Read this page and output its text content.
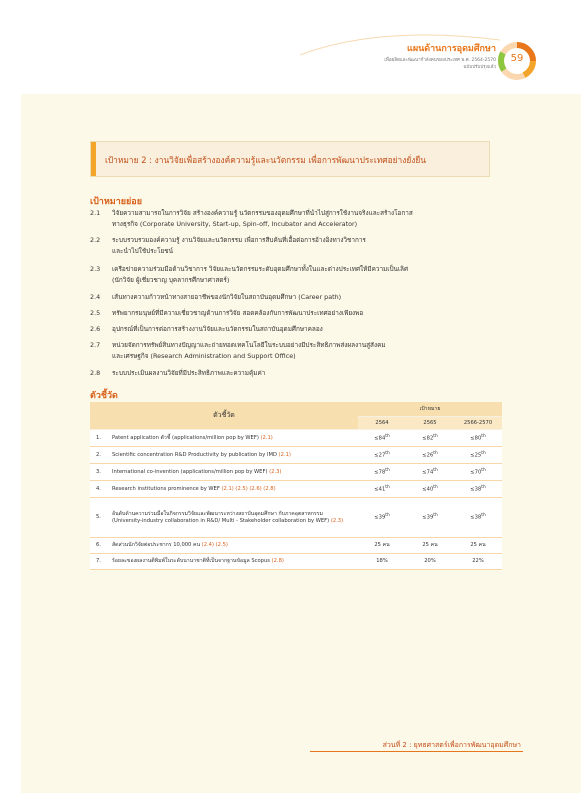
แผนด้านการอุดมศึกษา
เพื่อผลิตและพัฒนากำลังคนของประเทศ พ.ศ. 2564-2570
ฉบับปรับปรุงแล้ว
59
เป้าหมาย 2 : งานวิจัยเพื่อสร้างองค์ความรู้และนวัตกรรม เพื่อการพัฒนาประเทศอย่างยั่งยืน
เป้าหมายย่อย
2.1	วิจัยความสามารถในการวิจัย สร้างองค์ความรู้ นวัตกรรมของอุดมศึกษาที่นำไปสู่การใช้งานจริงและสร้างโอกาส
ทางธุรกิจ (Corporate University, Start-up, Spin-off, Incubator and Accelerator)
2.2	ระบบรวบรวมองค์ความรู้ งานวิจัยและนวัตกรรม เพื่อการสืบค้นที่เอื้อต่อการอ้างอิงทางวิชาการ
และนำไปใช้ประโยชน์
2.3	เครือข่ายความร่วมมือด้านวิชาการ วิจัยและนวัตกรรมระดับอุดมศึกษาทั้งในและต่างประเทศให้มีความเป็นเลิศ
(นักวิจัย ผู้เชี่ยวชาญ บุคลากรศึกษาศาสตร์)
2.4	เส้นทางความก้าวหน้าทางสายอาชีพของนักวิจัยในสถาบันอุดมศึกษา (Career path)
2.5	ทรัพยากรมนุษย์ที่มีความเชี่ยวชาญด้านการวิจัย สอดคล้องกับการพัฒนาประเทศอย่างเพียงพอ
2.6	อุปกรณ์ที่เป็นการต่อการสร้างงานวิจัยและนวัตกรรมในสถาบันอุดมศึกษาคลอง
2.7	หน่วยจัดการทรัพย์สินทางปัญญาและถ่ายทอดเทคโนโลยีในระบบอย่างมีประสิทธิภาพส่งผลงานสู่สังคม
และเศรษฐกิจ (Research Administration and Support Office)
2.8	ระบบประเมินผลงานวิจัยที่มีประสิทธิภาพและความคุ้มค่า
ตัวชี้วัด
ตัวชี้วัด		เป้าหมาย		
		2564	2565	2566-2570
1.	Patent application ตัวชี้ (applications/million pop by WEF) (2.1)	≤84th	≤82th	≤80th
2.	Scientific concentration R&D Productivity by publication by IMD (2.1)	≤27th	≤26th	≤25th
3.	International co-invention (applications/million pop by WEF) (2.3)	≤78th	≤74th	≤70th
4.	Research institutions prominence by WEF (2.1) (2.5) (2.6) (2.8)	≤41th	≤40th	≤38th
5.	อันดับด้านความร่วมมือในกิจกรรมวิจัยและพัฒนาระหว่างสถาบันอุดมศึกษา กับภาคอุตสาหกรรม (University-industry collaboration in R&D/ Multi - Stakeholder collaboration by WEF) (2.3)	≤39th	≤39th	≤38th
6.	สัดส่วนนักวิจัยต่อประชากร 10,000 คน (2.4) (2.5)	25 คน	25 คน	25 คน
7.	ร้อยละของผลงานตีพิมพ์ในระดับนานาชาติที่เป็นจากฐานข้อมูล Scopus (2.8)	18%	20%	22%
ส่วนที่ 2 : ยุทธศาสตร์เพื่อการพัฒนาอุดมศึกษา
